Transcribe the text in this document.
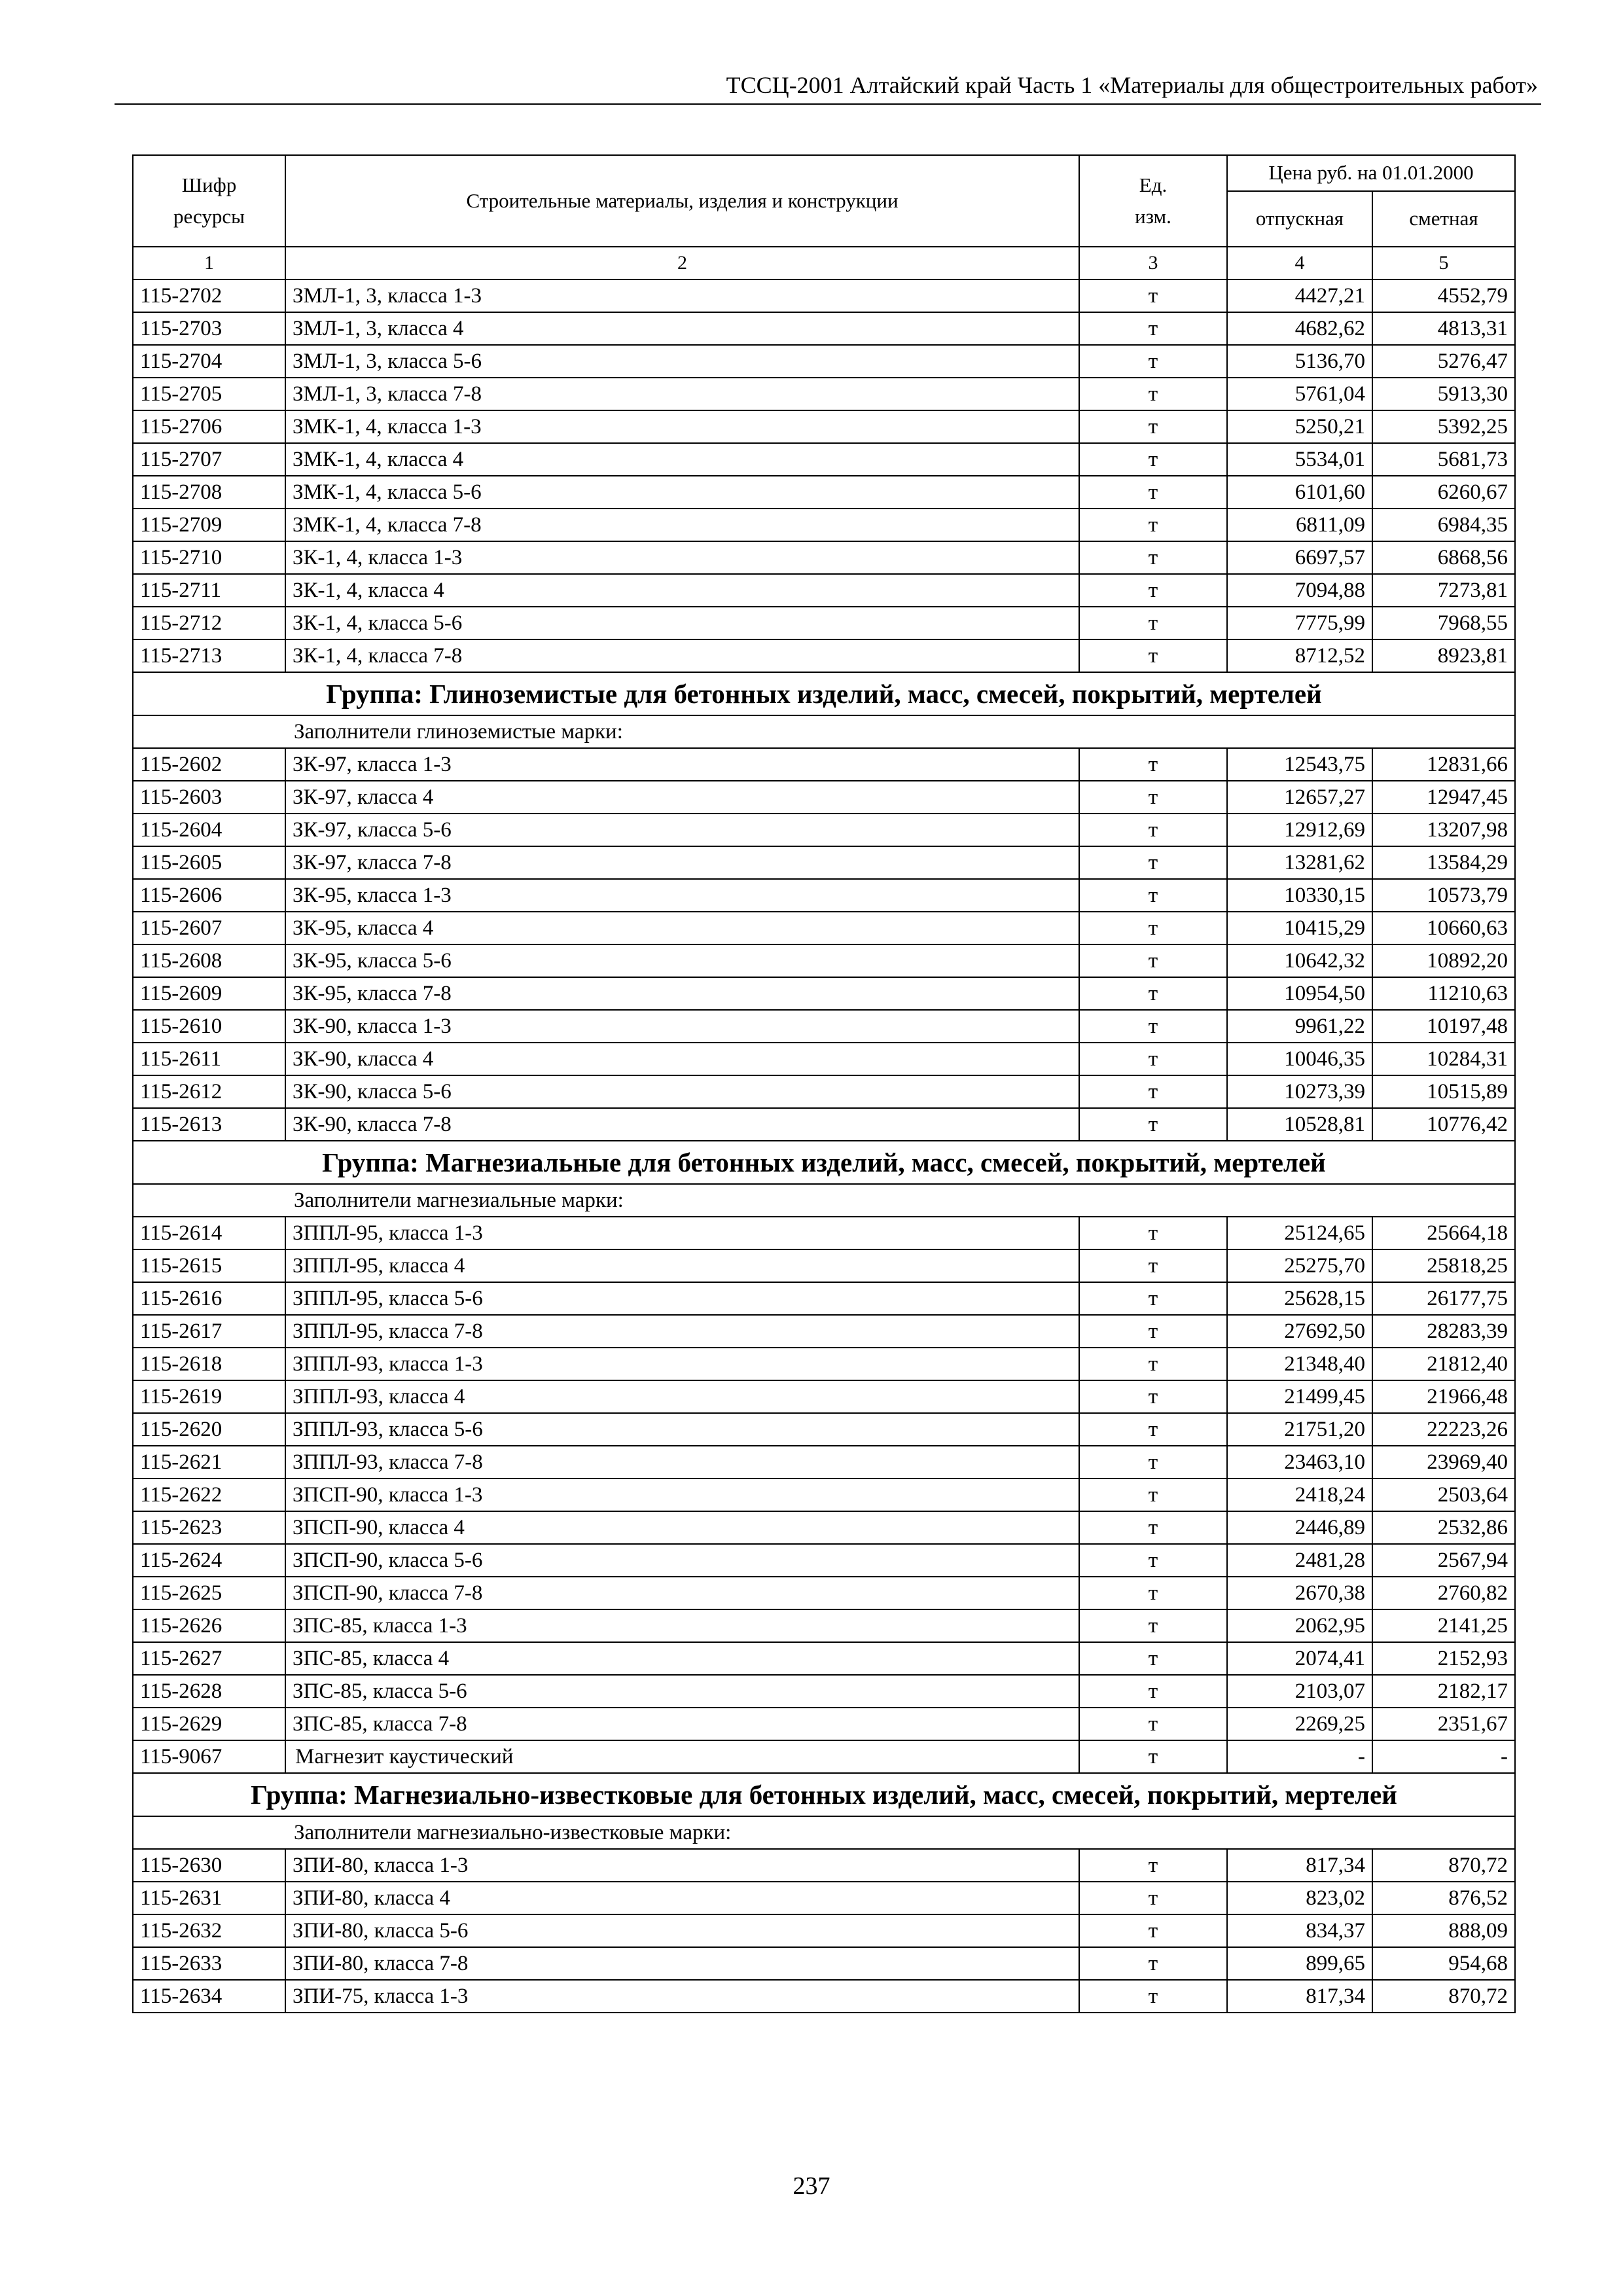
ТССЦ-2001 Алтайский край Часть 1 «Материалы для общестроительных работ»
Шифр ресурсы	Строительные материалы, изделия и конструкции	Ед. изм.	Цена руб. на 01.01.2000	
			отпускная	сметная
1	2	3	4	5
115-2702	ЗМЛ-1, 3, класса 1-3	т	4427,21	4552,79
115-2703	ЗМЛ-1, 3, класса 4	т	4682,62	4813,31
115-2704	ЗМЛ-1, 3, класса 5-6	т	5136,70	5276,47
115-2705	ЗМЛ-1, 3, класса 7-8	т	5761,04	5913,30
115-2706	ЗМК-1, 4, класса 1-3	т	5250,21	5392,25
115-2707	ЗМК-1, 4, класса 4	т	5534,01	5681,73
115-2708	ЗМК-1, 4, класса 5-6	т	6101,60	6260,67
115-2709	ЗМК-1, 4, класса 7-8	т	6811,09	6984,35
115-2710	ЗК-1, 4, класса 1-3	т	6697,57	6868,56
115-2711	ЗК-1, 4, класса 4	т	7094,88	7273,81
115-2712	ЗК-1, 4, класса 5-6	т	7775,99	7968,55
115-2713	ЗК-1, 4, класса 7-8	т	8712,52	8923,81
Группа: Глиноземистые для бетонных изделий, масс, смесей, покрытий, мертелей				
Заполнители глиноземистые марки:				
115-2602	ЗК-97, класса 1-3	т	12543,75	12831,66
115-2603	ЗК-97, класса 4	т	12657,27	12947,45
115-2604	ЗК-97, класса 5-6	т	12912,69	13207,98
115-2605	ЗК-97, класса 7-8	т	13281,62	13584,29
115-2606	ЗК-95, класса 1-3	т	10330,15	10573,79
115-2607	ЗК-95, класса 4	т	10415,29	10660,63
115-2608	ЗК-95, класса 5-6	т	10642,32	10892,20
115-2609	ЗК-95, класса 7-8	т	10954,50	11210,63
115-2610	ЗК-90, класса 1-3	т	9961,22	10197,48
115-2611	ЗК-90, класса 4	т	10046,35	10284,31
115-2612	ЗК-90, класса 5-6	т	10273,39	10515,89
115-2613	ЗК-90, класса 7-8	т	10528,81	10776,42
Группа: Магнезиальные для бетонных изделий, масс, смесей, покрытий, мертелей				
Заполнители магнезиальные марки:				
115-2614	ЗППЛ-95, класса 1-3	т	25124,65	25664,18
115-2615	ЗППЛ-95, класса 4	т	25275,70	25818,25
115-2616	ЗППЛ-95, класса 5-6	т	25628,15	26177,75
115-2617	ЗППЛ-95, класса 7-8	т	27692,50	28283,39
115-2618	ЗППЛ-93, класса 1-3	т	21348,40	21812,40
115-2619	ЗППЛ-93, класса 4	т	21499,45	21966,48
115-2620	ЗППЛ-93, класса 5-6	т	21751,20	22223,26
115-2621	ЗППЛ-93, класса 7-8	т	23463,10	23969,40
115-2622	ЗПСП-90, класса 1-3	т	2418,24	2503,64
115-2623	ЗПСП-90, класса 4	т	2446,89	2532,86
115-2624	ЗПСП-90, класса 5-6	т	2481,28	2567,94
115-2625	ЗПСП-90, класса 7-8	т	2670,38	2760,82
115-2626	ЗПС-85, класса 1-3	т	2062,95	2141,25
115-2627	ЗПС-85, класса 4	т	2074,41	2152,93
115-2628	ЗПС-85, класса 5-6	т	2103,07	2182,17
115-2629	ЗПС-85, класса 7-8	т	2269,25	2351,67
115-9067	Магнезит каустический	т	-	-
Группа: Магнезиально-известковые для бетонных изделий, масс, смесей, покрытий, мертелей				
Заполнители магнезиально-известковые марки:				
115-2630	ЗПИ-80, класса 1-3	т	817,34	870,72
115-2631	ЗПИ-80, класса 4	т	823,02	876,52
115-2632	ЗПИ-80, класса 5-6	т	834,37	888,09
115-2633	ЗПИ-80, класса 7-8	т	899,65	954,68
115-2634	ЗПИ-75, класса 1-3	т	817,34	870,72
237
